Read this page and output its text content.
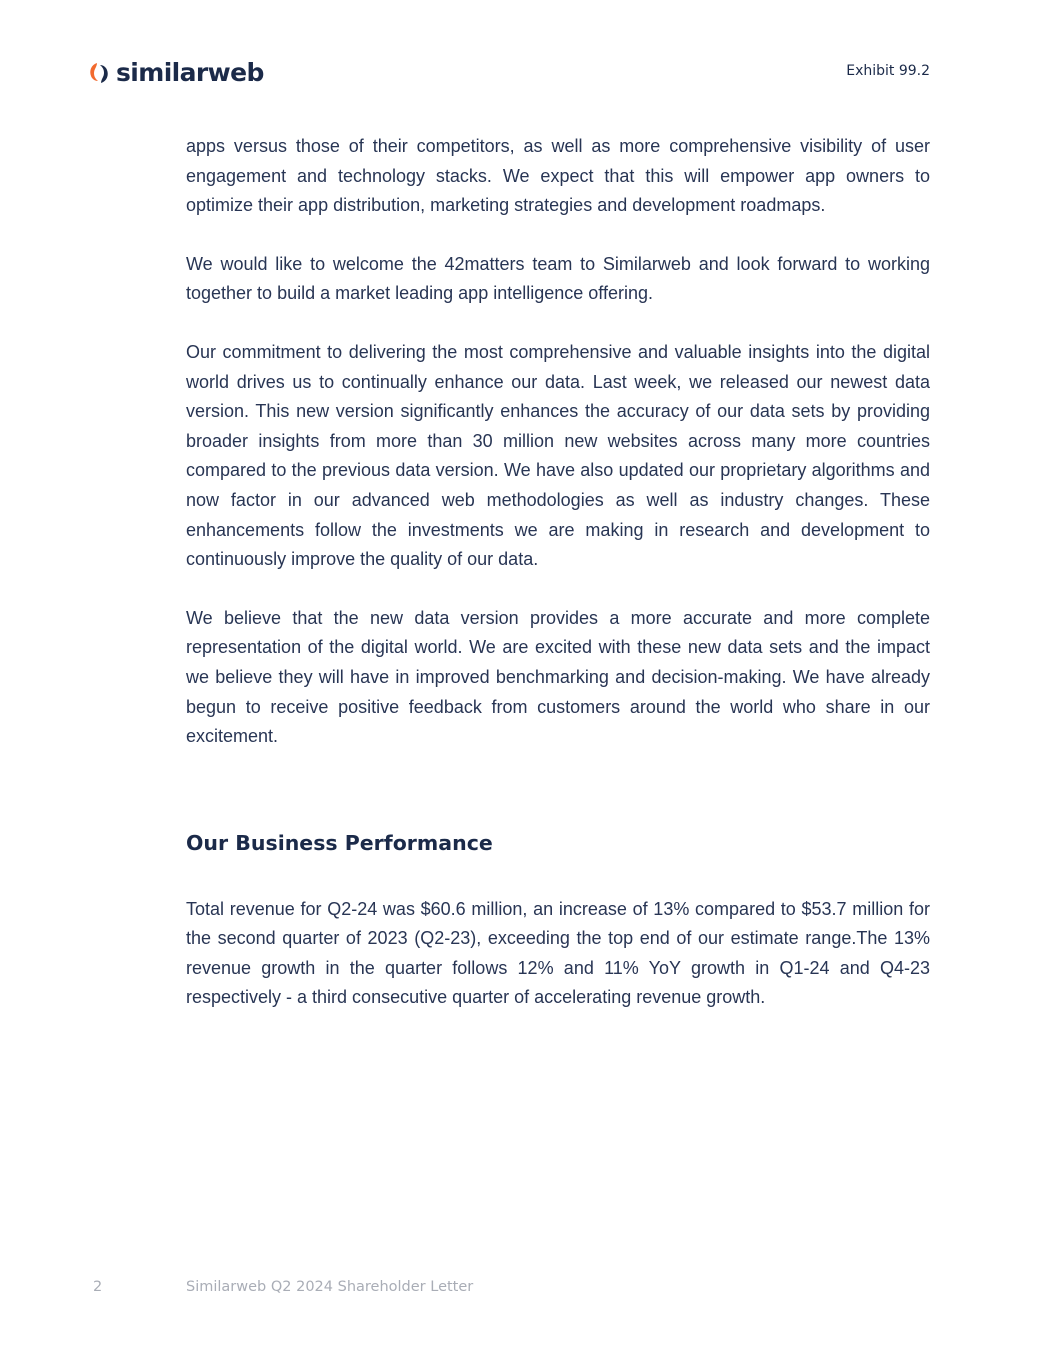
similarweb	Exhibit 99.2

apps versus those of their competitors, as well as more comprehensive visibility of user engagement and technology stacks. We expect that this will empower app owners to optimize their app distribution, marketing strategies and development roadmaps.

We would like to welcome the 42matters team to Similarweb and look forward to working together to build a market leading app intelligence offering.

Our commitment to delivering the most comprehensive and valuable insights into the digital world drives us to continually enhance our data. Last week, we released our newest data version. This new version significantly enhances the accuracy of our data sets by providing broader insights from more than 30 million new websites across many more countries compared to the previous data version. We have also updated our proprietary algorithms and now factor in our advanced web methodologies as well as industry changes. These enhancements follow the investments we are making in research and development to continuously improve the quality of our data.

We believe that the new data version provides a more accurate and more complete representation of the digital world. We are excited with these new data sets and the impact we believe they will have in improved benchmarking and decision-making. We have already begun to receive positive feedback from customers around the world who share in our excitement.

Our Business Performance

Total revenue for Q2-24 was $60.6 million, an increase of 13% compared to $53.7 million for the second quarter of 2023 (Q2-23), exceeding the top end of our estimate range.The 13% revenue growth in the quarter follows 12% and 11% YoY growth in Q1-24 and Q4-23 respectively - a third consecutive quarter of accelerating revenue growth.

2	Similarweb Q2 2024 Shareholder Letter
